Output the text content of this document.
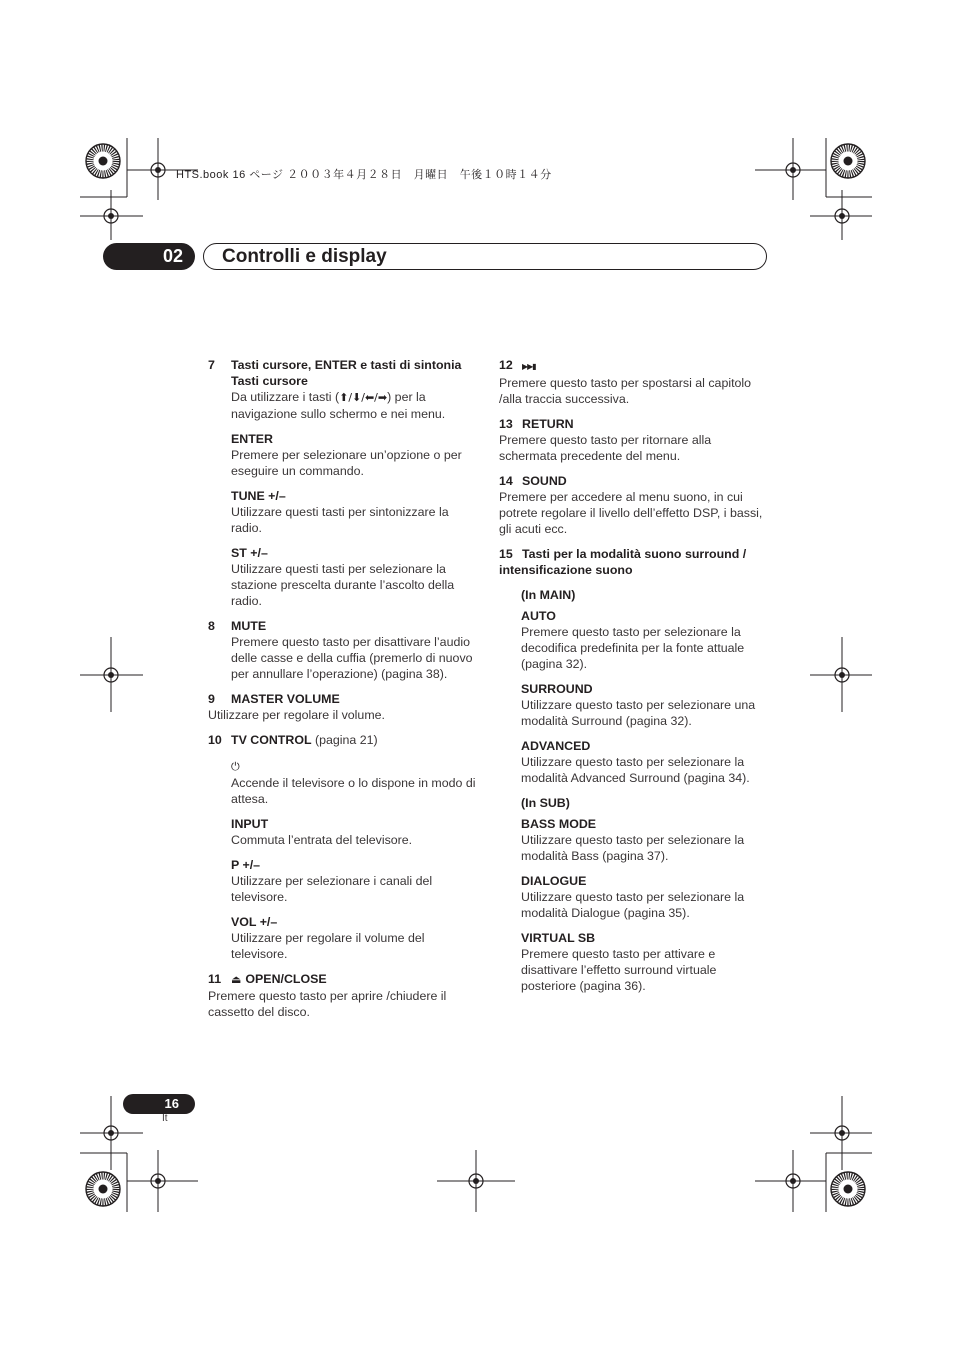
HTS.book 16 ページ ２００３年４月２８日　月曜日　午後１０時１４分
02	Controlli e display

7 Tasti cursore, ENTER e tasti di sintonia

Tasti cursore

Da utilizzare i tasti (⬆/⬇/⬅/➡) per la navigazione sullo schermo e nei menu.

ENTER

Premere per selezionare un’opzione o per eseguire un commando.

TUNE +/–

Utilizzare questi tasti per sintonizzare la radio.

ST +/–

Utilizzare questi tasti per selezionare la stazione prescelta durante l’ascolto della radio.

8 MUTE

Premere questo tasto per disattivare l’audio delle casse e della cuffia (premerlo di nuovo per annullare l’operazione) (pagina 38).

9 MASTER VOLUME

Utilizzare per regolare il volume.

10 TV CONTROL (pagina 21)

⏻

Accende il televisore o lo dispone in modo di attesa.

INPUT

Commuta l’entrata del televisore.

P +/–

Utilizzare per selezionare i canali del televisore.

VOL +/–

Utilizzare per regolare il volume del televisore.

11 ⏏ OPEN/CLOSE

Premere questo tasto per aprire /chiudere il cassetto del disco.

12 ▶▶▮

Premere questo tasto per spostarsi al capitolo /alla traccia successiva.

13 RETURN

Premere questo tasto per ritornare alla schermata precedente del menu.

14 SOUND

Premere per accedere al menu suono, in cui potrete regolare il livello dell’effetto DSP, i bassi, gli acuti ecc.

15 Tasti per la modalità suono surround / intensificazione suono

(In MAIN)

AUTO

Premere questo tasto per selezionare la decodifica predefinita per la fonte attuale (pagina 32).

SURROUND

Utilizzare questo tasto per selezionare una modalità Surround (pagina 32).

ADVANCED

Utilizzare questo tasto per selezionare la modalità Advanced Surround (pagina 34).

(In SUB)

BASS MODE

Utilizzare questo tasto per selezionare la modalità Bass (pagina 37).

DIALOGUE

Utilizzare questo tasto per selezionare la modalità Dialogue (pagina 35).

VIRTUAL SB

Premere questo tasto per attivare e disattivare l’effetto surround virtuale posteriore (pagina 36).

16
It
